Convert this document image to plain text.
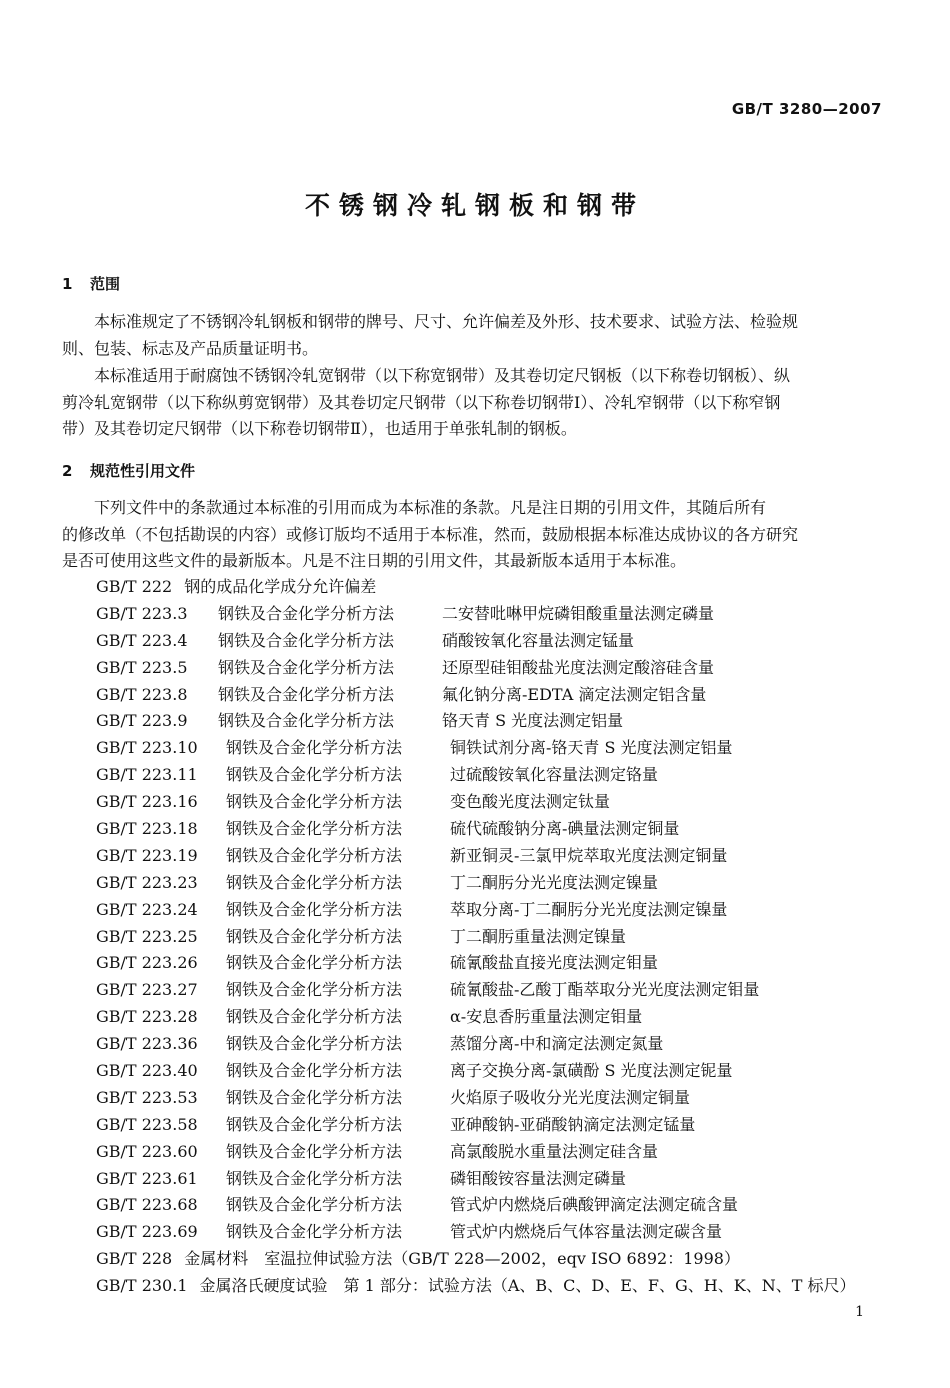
GB/T 3280—2007
不锈钢冷轧钢板和钢带
1 范围
本标准规定了不锈钢冷轧钢板和钢带的牌号、尺寸、允许偏差及外形、技术要求、试验方法、检验规
则、包装、标志及产品质量证明书。
本标准适用于耐腐蚀不锈钢冷轧宽钢带（以下称宽钢带）及其卷切定尺钢板（以下称卷切钢板）、纵
剪冷轧宽钢带（以下称纵剪宽钢带）及其卷切定尺钢带（以下称卷切钢带Ⅰ）、冷轧窄钢带（以下称窄钢
带）及其卷切定尺钢带（以下称卷切钢带Ⅱ），也适用于单张轧制的钢板。
2 规范性引用文件
下列文件中的条款通过本标准的引用而成为本标准的条款。凡是注日期的引用文件，其随后所有
的修改单（不包括勘误的内容）或修订版均不适用于本标准，然而，鼓励根据本标准达成协议的各方研究
是否可使用这些文件的最新版本。凡是不注日期的引用文件，其最新版本适用于本标准。
GB/T 222 钢的成品化学成分允许偏差
GB/T 223.3 钢铁及合金化学分析方法	二安替吡啉甲烷磷钼酸重量法测定磷量
GB/T 223.4 钢铁及合金化学分析方法	硝酸铵氧化容量法测定锰量
GB/T 223.5 钢铁及合金化学分析方法	还原型硅钼酸盐光度法测定酸溶硅含量
GB/T 223.8 钢铁及合金化学分析方法	氟化钠分离-EDTA 滴定法测定铝含量
GB/T 223.9 钢铁及合金化学分析方法	铬天青 S 光度法测定铝量
GB/T 223.10 钢铁及合金化学分析方法	铜铁试剂分离-铬天青 S 光度法测定铝量
GB/T 223.11 钢铁及合金化学分析方法	过硫酸铵氧化容量法测定铬量
GB/T 223.16 钢铁及合金化学分析方法	变色酸光度法测定钛量
GB/T 223.18 钢铁及合金化学分析方法	硫代硫酸钠分离-碘量法测定铜量
GB/T 223.19 钢铁及合金化学分析方法	新亚铜灵-三氯甲烷萃取光度法测定铜量
GB/T 223.23 钢铁及合金化学分析方法	丁二酮肟分光光度法测定镍量
GB/T 223.24 钢铁及合金化学分析方法	萃取分离-丁二酮肟分光光度法测定镍量
GB/T 223.25 钢铁及合金化学分析方法	丁二酮肟重量法测定镍量
GB/T 223.26 钢铁及合金化学分析方法	硫氰酸盐直接光度法测定钼量
GB/T 223.27 钢铁及合金化学分析方法	硫氰酸盐-乙酸丁酯萃取分光光度法测定钼量
GB/T 223.28 钢铁及合金化学分析方法	α-安息香肟重量法测定钼量
GB/T 223.36 钢铁及合金化学分析方法	蒸馏分离-中和滴定法测定氮量
GB/T 223.40 钢铁及合金化学分析方法	离子交换分离-氯磺酚 S 光度法测定铌量
GB/T 223.53 钢铁及合金化学分析方法	火焰原子吸收分光光度法测定铜量
GB/T 223.58 钢铁及合金化学分析方法	亚砷酸钠-亚硝酸钠滴定法测定锰量
GB/T 223.60 钢铁及合金化学分析方法	高氯酸脱水重量法测定硅含量
GB/T 223.61 钢铁及合金化学分析方法	磷钼酸铵容量法测定磷量
GB/T 223.68 钢铁及合金化学分析方法	管式炉内燃烧后碘酸钾滴定法测定硫含量
GB/T 223.69 钢铁及合金化学分析方法	管式炉内燃烧后气体容量法测定碳含量
GB/T 228 金属材料　室温拉伸试验方法（GB/T 228—2002，eqv ISO 6892：1998）
GB/T 230.1 金属洛氏硬度试验　第 1 部分：试验方法（A、B、C、D、E、F、G、H、K、N、T 标尺）
1
